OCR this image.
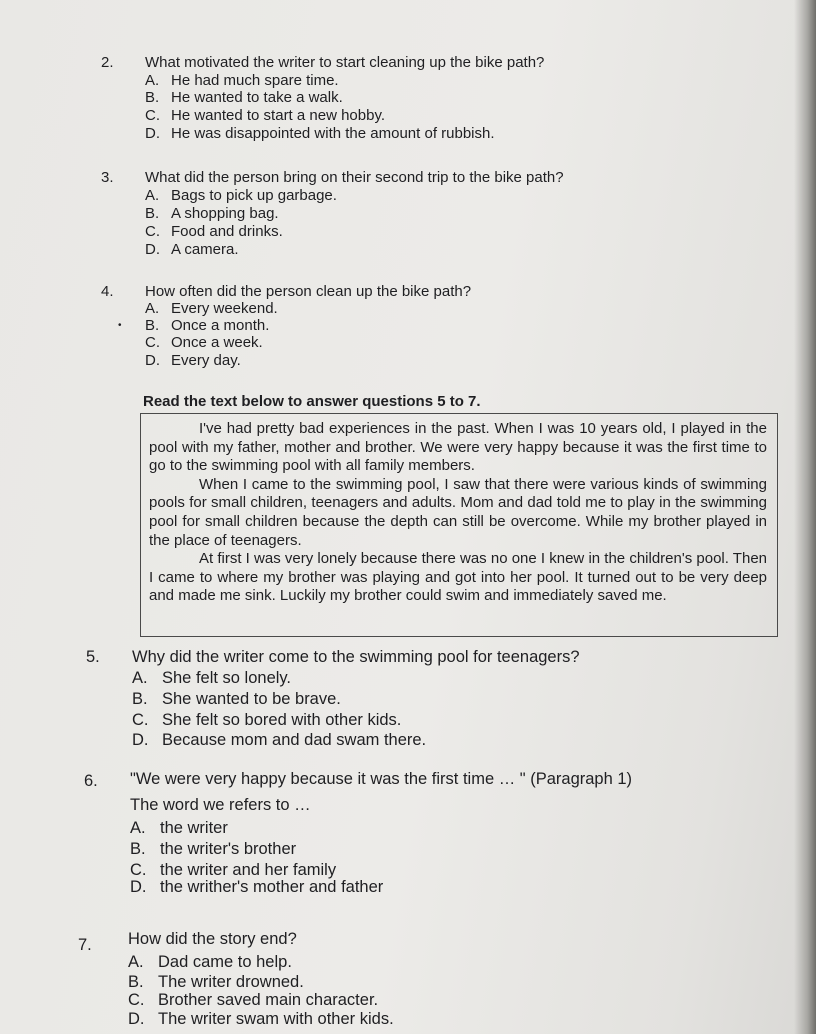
2. What motivated the writer to start cleaning up the bike path?
A. He had much spare time.
B. He wanted to take a walk.
C. He wanted to start a new hobby.
D. He was disappointed with the amount of rubbish.
3. What did the person bring on their second trip to the bike path?
A. Bags to pick up garbage.
B. A shopping bag.
C. Food and drinks.
D. A camera.
4. How often did the person clean up the bike path?
A. Every weekend.
• B. Once a month.
C. Once a week.
D. Every day.
Read the text below to answer questions 5 to 7.

I've had pretty bad experiences in the past. When I was 10 years old, I played in the pool with my father, mother and brother. We were very happy because it was the first time to go to the swimming pool with all family members.

When I came to the swimming pool, I saw that there were various kinds of swimming pools for small children, teenagers and adults. Mom and dad told me to play in the swimming pool for small children because the depth can still be overcome. While my brother played in the place of teenagers.

At first I was very lonely because there was no one I knew in the children's pool. Then I came to where my brother was playing and got into her pool. It turned out to be very deep and made me sink. Luckily my brother could swim and immediately saved me.

5. Why did the writer come to the swimming pool for teenagers?
A. She felt so lonely.
B. She wanted to be brave.
C. She felt so bored with other kids.
D. Because mom and dad swam there.
6. "We were very happy because it was the first time … " (Paragraph 1)
The word we refers to …
A. the writer
B. the writer's brother
C. the writer and her family
D. the writher's mother and father
7. How did the story end?
A. Dad came to help.
B. The writer drowned.
C. Brother saved main character.
D. The writer swam with other kids.
